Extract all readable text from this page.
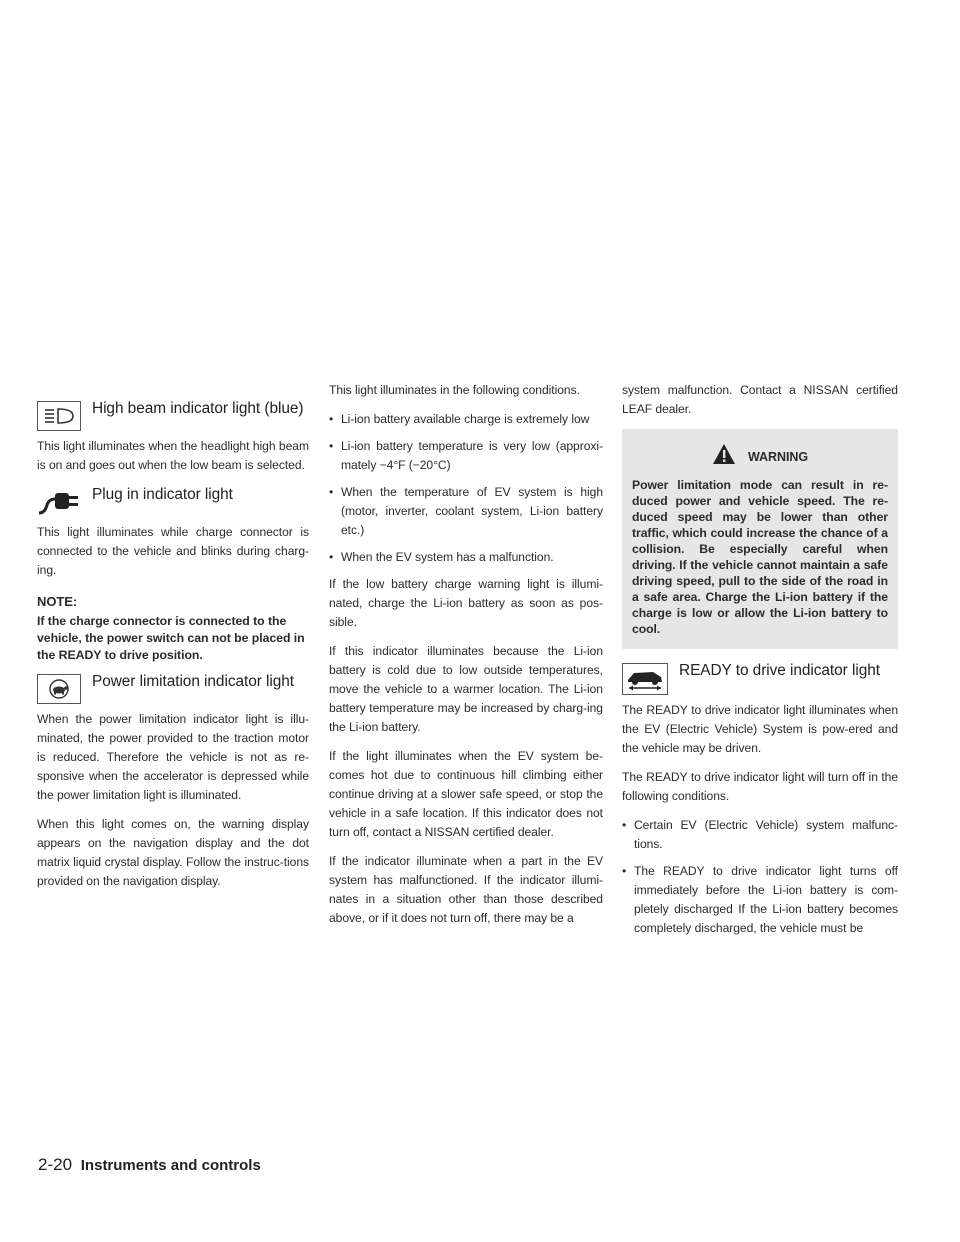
High beam indicator light (blue)

This light illuminates when the headlight high beam is on and goes out when the low beam is selected.

Plug in indicator light

This light illuminates while charge connector is connected to the vehicle and blinks during charg-ing.

NOTE:
If the charge connector is connected to the vehicle, the power switch can not be placed in the READY to drive position.
Power limitation indicator light

When the power limitation indicator light is illu-minated, the power provided to the traction motor is reduced. Therefore the vehicle is not as re-sponsive when the accelerator is depressed while the power limitation light is illuminated.

When this light comes on, the warning display appears on the navigation display and the dot matrix liquid crystal display. Follow the instruc-tions provided on the navigation display.

This light illuminates in the following conditions.

• Li-ion battery available charge is extremely low
• Li-ion battery temperature is very low (approxi-mately −4°F (−20°C)
• When the temperature of EV system is high (motor, inverter, coolant system, Li-ion battery etc.)
• When the EV system has a malfunction.

If the low battery charge warning light is illumi-nated, charge the Li-ion battery as soon as pos-sible.

If this indicator illuminates because the Li-ion battery is cold due to low outside temperatures, move the vehicle to a warmer location. The Li-ion battery temperature may be increased by charg-ing the Li-ion battery.

If the light illuminates when the EV system be-comes hot due to continuous hill climbing either continue driving at a slower safe speed, or stop the vehicle in a safe location. If this indicator does not turn off, contact a NISSAN certified dealer.

If the indicator illuminate when a part in the EV system has malfunctioned. If the indicator illumi-nates in a situation other than those described above, or if it does not turn off, there may be a

system malfunction. Contact a NISSAN certified LEAF dealer.

WARNING
Power limitation mode can result in re-duced power and vehicle speed. The re-duced speed may be lower than other traffic, which could increase the chance of a collision. Be especially careful when driving. If the vehicle cannot maintain a safe driving speed, pull to the side of the road in a safe area. Charge the Li-ion battery if the charge is low or allow the Li-ion battery to cool.
READY to drive indicator light

The READY to drive indicator light illuminates when the EV (Electric Vehicle) System is pow-ered and the vehicle may be driven.

The READY to drive indicator light will turn off in the following conditions.

• Certain EV (Electric Vehicle) system malfunc-tions.
• The READY to drive indicator light turns off immediately before the Li-ion battery is com-pletely discharged If the Li-ion battery becomes completely discharged, the vehicle must be
2-20 Instruments and controls
